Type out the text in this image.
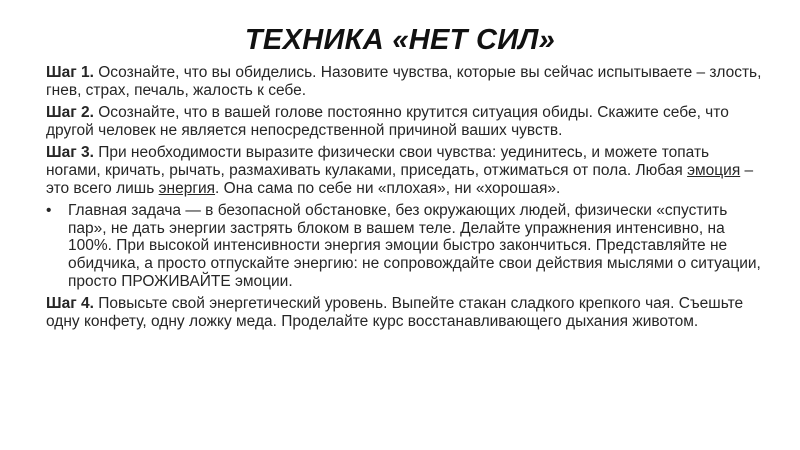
ТЕХНИКА «НЕТ СИЛ»

Шаг 1. Осознайте, что вы обиделись. Назовите чувства, которые вы сейчас испытываете – злость, гнев, страх, печаль, жалость к себе.

Шаг 2. Осознайте, что в вашей голове постоянно крутится ситуация обиды. Скажите себе, что другой человек не является непосредственной причиной ваших чувств.

Шаг 3. При необходимости выразите физически свои чувства: уединитесь, и можете топать ногами, кричать, рычать, размахивать кулаками, приседать, отжиматься от пола. Любая эмоция – это всего лишь энергия. Она сама по себе ни «плохая», ни «хорошая».

•	Главная задача — в безопасной обстановке, без окружающих людей, физически «спустить пар», не дать энергии застрять блоком в вашем теле. Делайте упражнения интенсивно, на 100%. При высокой интенсивности энергия эмоции быстро закончиться. Представляйте не обидчика, а просто отпускайте энергию: не сопровождайте свои действия мыслями о ситуации, просто ПРОЖИВАЙТЕ эмоции.

Шаг 4. Повысьте свой энергетический уровень. Выпейте стакан сладкого крепкого чая. Съешьте одну конфету, одну ложку меда. Проделайте курс восстанавливающего дыхания животом.
